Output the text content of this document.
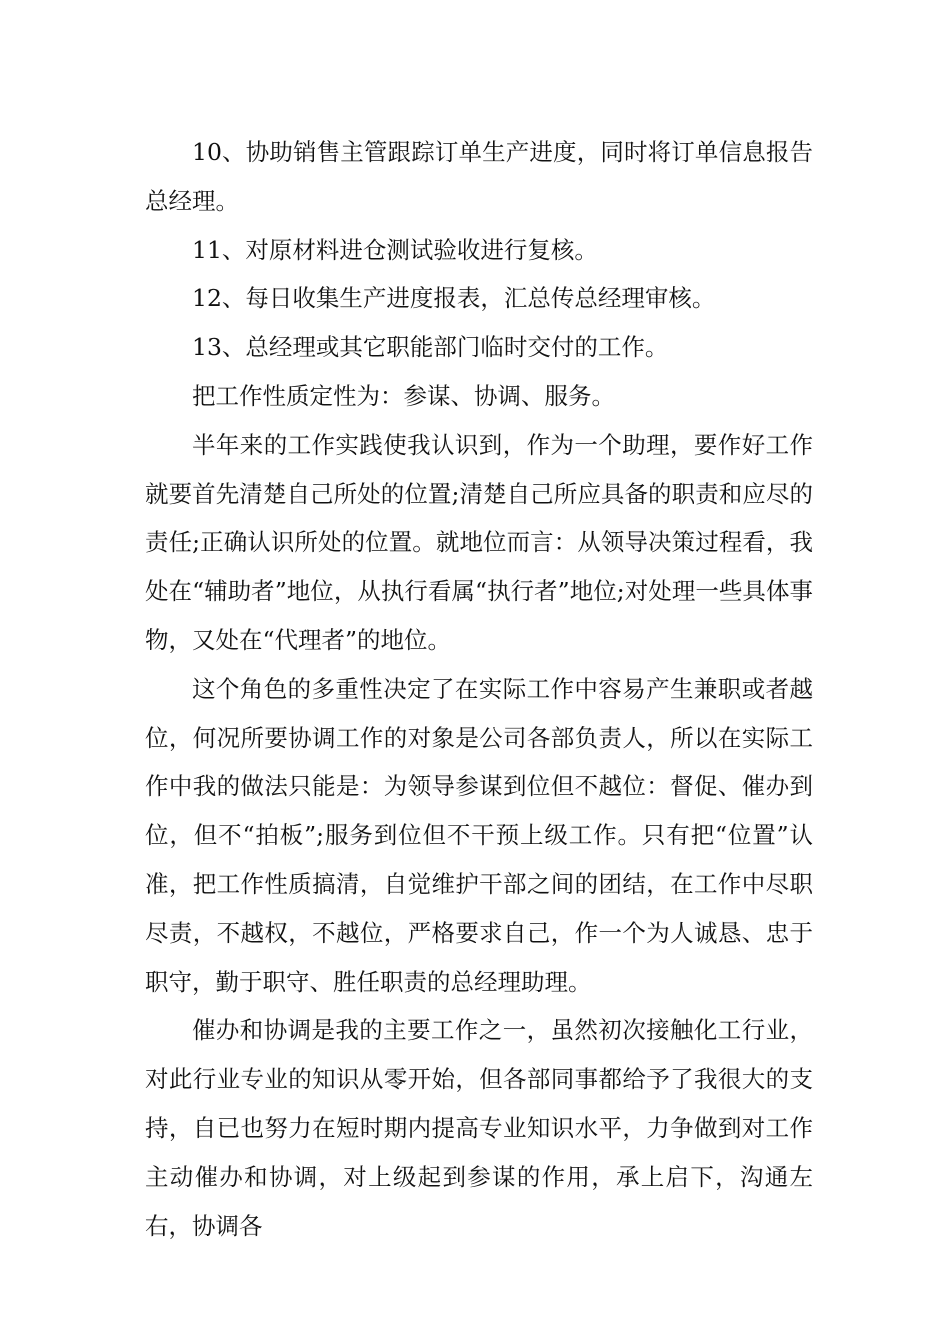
10、协助销售主管跟踪订单生产进度，同时将订单信息报告总经理。

11、对原材料进仓测试验收进行复核。

12、每日收集生产进度报表，汇总传总经理审核。

13、总经理或其它职能部门临时交付的工作。

把工作性质定性为：参谋、协调、服务。

半年来的工作实践使我认识到，作为一个助理，要作好工作就要首先清楚自己所处的位置;清楚自己所应具备的职责和应尽的责任;正确认识所处的位置。就地位而言：从领导决策过程看，我处在“辅助者”地位，从执行看属“执行者”地位;对处理一些具体事物，又处在“代理者”的地位。

这个角色的多重性决定了在实际工作中容易产生兼职或者越位，何况所要协调工作的对象是公司各部负责人，所以在实际工作中我的做法只能是：为领导参谋到位但不越位：督促、催办到位，但不“拍板”;服务到位但不干预上级工作。只有把“位置”认准，把工作性质搞清，自觉维护干部之间的团结，在工作中尽职尽责，不越权，不越位，严格要求自己，作一个为人诚恳、忠于职守，勤于职守、胜任职责的总经理助理。

催办和协调是我的主要工作之一，虽然初次接触化工行业，对此行业专业的知识从零开始，但各部同事都给予了我很大的支持，自已也努力在短时期内提高专业知识水平，力争做到对工作主动催办和协调，对上级起到参谋的作用，承上启下，沟通左右，协调各
